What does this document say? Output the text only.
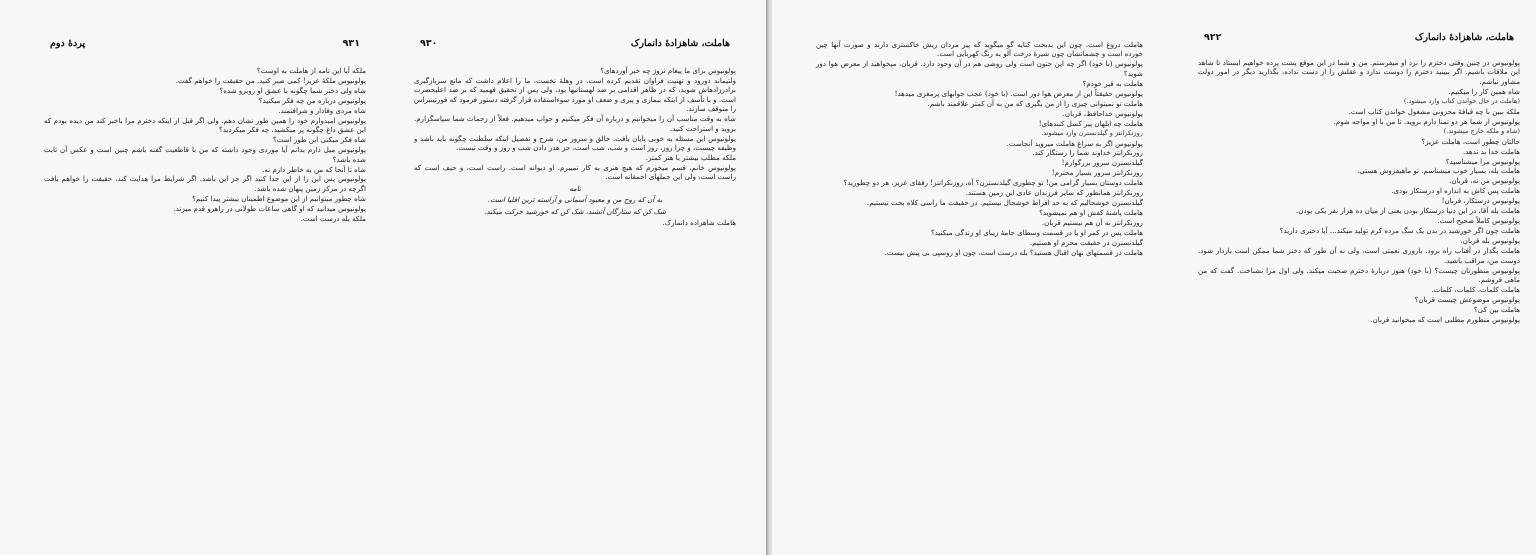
۹۳۱
پردهٔ دوم

ملکه آیا این تامه از هاملت به اوست؟

پولونیوس ملکهٔ عزیز! کمی صبر کنید. من حقیقت را خواهم گفت.

شاه ولی دختر شما چگونه با عشق او روبرو شده؟

پولونیوس درباره من چه فکر میکنید؟

شاه مردی وفادار و شرافتمند.

پولونیوس امیدوارم خود را همین طور نشان دهم. ولی اگر قبل از اینکه دخترم مرا باخبر کند من دیده بودم که این عشق داغ چگونه پر میکشید، چه فکر میکردید؟

شاه فکر میکنی این طور است؟

پولونیوس میل دارم بدانم آیا موردی وجود داشته که من با قاطعیت گفته باشم چنین است و عکس آن ثابت شده باشد؟

شاه تا آنجا که من به خاطر دارم نه.

پولونیوس پس این را از این جدا کنید اگر جز این باشد. اگر شرایط مرا هدایت کند، حقیقت را خواهم یافت اگرچه در مرکز زمین پنهان شده باشد.

شاه چطور میتوانیم از این موضوع اطمینان بیشتر پیدا کنیم؟

پولونیوس میدانید که او گاهی ساعات طولانی در راهرو قدم میزند.

ملکه بله درست است.

هاملت، شاهزادهٔ دانمارک
۹۳۰

پولونیوس برای ما پیغام نروژ چه خبر آوردهای؟

ولتیماند دورود و تهنیت فراوان تقدیم کرده است. در وهلهٔ نخست، ما را اعلام داشت که مانع سربازگیری برادرزادهاش شوید، که در ظاهر اقدامی بر ضد لهستانیها بود، ولی پس از تحقیق فهمید که بر ضد اعلیحضرت است. و با تأسف از اینکه بیماری و پیری و ضعف او مورد سوءاستفاده قرار گرفته دستور فرمود که فورتینبراس را متوقف سازند.

شاه به وقت مناسب آن را میخوانیم و درباره آن فکر میکنیم و جواب میدهیم. فعلاً از زحمات شما سپاسگزارم. بروید و استراحت کنید.

پولونیوس این مسئله به خوبی پایان یافت. خالق و سرور من، شرح و تفصیل اینکه سلطنت چگونه باید باشد و وظیفه چیست، و چرا روز، روز است و شب، شب است، جز هدر دادن شب و روز و وقت نیست.

ملکه مطلب بیشتر با هنر کمتر.

پولونیوس خانم، قسم میخورم که هیچ هنری به کار نمیبرم. او دیوانه است. راست است، و حیف است که راست است، ولی این جملهای احمقانه است.

نامه

به آن که روح من و معبود آسمانی و آراسته ترین افلیا است.

شک کن که ستارگان آتشند، شک کن که خورشید حرکت میکند.

هاملت شاهزاده دانمارک.

هاملت دروغ است. چون این بدبخت کنایه گو میگوید که پیر مردان ریش خاکستری دارند و صورت آنها چین خورده است و چشمانشان چون شیرهٔ درخت آلو به رنگ کهربایی است.

پولونیوس (با خود) اگر چه این جنون است ولی روشی هم در آن وجود دارد. قربان، میخواهید از معرض هوا دور شوید؟

هاملت به قبر خودم؟

پولونیوس حقیقتاً این از معرض هوا دور است. (با خود) عجب جوابهای پرمغزی میدهد!

هاملت تو نمیتوانی چیزی را از من بگیری که من به آن کمتر علاقمند باشم.

پولونیوس خداحافظ، قربان.

هاملت چه ابلهان پیر کسل کنندهای!

روزنکرانتز و گیلدنسترن وارد میشوند.

پولونیوس اگر به سراغ هاملت میروید آنجاست.

روزنکرانتز خداوند شما را رستگار کند.

گیلدنسترن سرور بزرگوارم!

روزنکرانتز سرور بسیار محترم!

هاملت دوستان بسیار گرامی من! تو چطوری گیلدنسترن؟ آه، روزنکرانتز! رفقای عزیز، هر دو چطورید؟

روزنکرانتز همانطور که سایر فرزندان عادی این زمین هستند.

گیلدنسترن خوشحالیم که به حد افراط خوشحال نیستیم. در حقیقت ما راسی کلاه بخت نیستیم.

هاملت پاشنهٔ کفش او هم نمیشوید؟

روزنکرانتز نه آن هم نیستیم قربان.

هاملت پس در کمر او یا در قسمت وسطای جامهٔ زیبای او زندگی میکنید؟

گیلدنسترن در حقیقت محرم او هستیم.

هاملت در قسمتهای نهان اقبال هستید؟ بله درست است، چون او روسپی بی پیش نیست.

هاملت، شاهزادهٔ دانمارک
۹۲۲

پولونیوس در چنین وقتی دخترم را نزد او میفرستم. من و شما در این موقع پشت پرده خواهیم ایستاد تا شاهد این ملاقات باشیم. اگر ببینید دخترم را دوست ندارد و عقلش را از دست نداده، بگذارید دیگر در امور دولت مشاور نباشم.

شاه همین کار را میکنیم.

(هاملت در حال خواندن کتاب وارد میشود.)

ملکه ببین با چه قیافهٔ محزونی مشغول خواندن کتاب است.

پولونیوس از شما هر دو تمنا دارم بروید. تا من با او مواجه شوم.

(شاه و ملکه خارج میشوند.)

حالتان چطور است، هاملت عزیز؟

هاملت خدا بد ندهد.

پولونیوس مرا میشناسید؟

هاملت بله، بسیار خوب میشناسم. تو ماهیفروش هستی.

پولونیوس من نه، قربان.

هاملت پس کاش به اندازه او درستکار بودی.

پولونیوس درستکار، قربان!

هاملت بله آقا، در این دنیا درستکار بودن یعنی از میان ده هزار نفر یکی بودن.

پولونیوس کاملاً صحیح است.

هاملت چون اگر خورشید در بدن یک سگ مرده کرم تولید میکند... آیا دختری دارید؟

پولونیوس بله قربان.

هاملت بگذار در آفتاب راه برود. باروری نعمتی است، ولی نه آن طور که دختر شما ممکن است باردار شود. دوست من، مراقب باشید.

پولونیوس منظورتان چیست؟ (با خود) هنوز دربارهٔ دخترم صحبت میکند. ولی اول مرا نشناخت. گفت که من ماهی فروشم.

هاملت کلمات، کلمات، کلمات.

پولونیوس موضوعش چیست قربان؟

هاملت بین کی؟

پولونیوس منظورم مطلبی است که میخوانید قربان.
